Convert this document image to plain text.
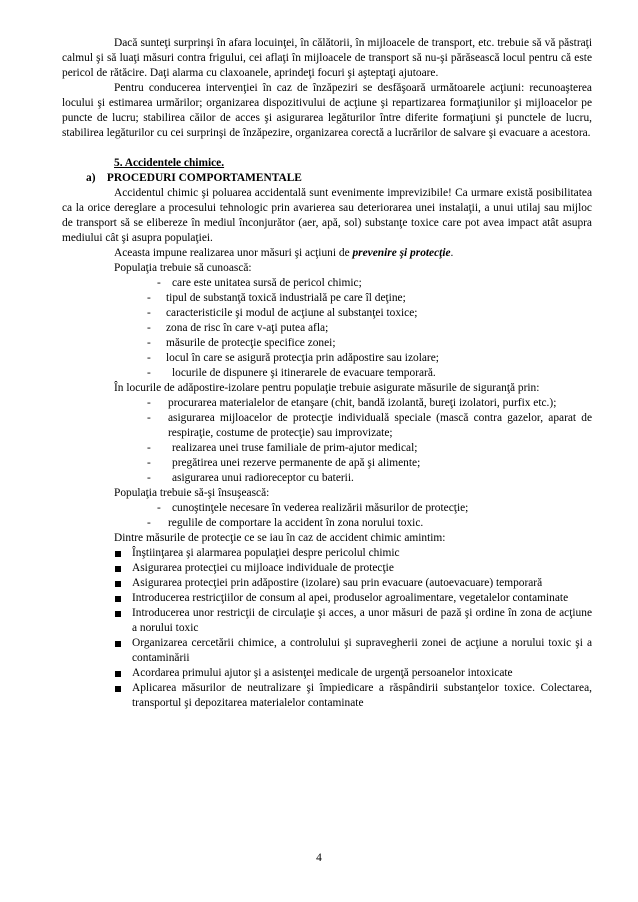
Dacă sunteţi surprinşi în afara locuinţei, în călătorii, în mijloacele de transport, etc. trebuie să vă păstraţi calmul şi să luaţi măsuri contra frigului, cei aflaţi în mijloacele de transport să nu-şi părăsească locul pentru că este pericol de rătăcire. Daţi alarma cu claxoanele, aprindeţi focuri şi aşteptaţi ajutoare.

Pentru conducerea intervenţiei în caz de înzăpeziri se desfăşoară următoarele acţiuni: recunoaşterea locului şi estimarea urmărilor; organizarea dispozitivului de acţiune şi repartizarea formaţiunilor şi mijloacelor pe puncte de lucru; stabilirea căilor de acces şi asigurarea legăturilor între diferite formaţiuni şi punctele de lucru, stabilirea legăturilor cu cei surprinşi de înzăpezire, organizarea corectă a lucrărilor de salvare şi evacuare a acestora.

5. Accidentele chimice.

a) PROCEDURI COMPORTAMENTALE

Accidentul chimic şi poluarea accidentală sunt evenimente imprevizibile! Ca urmare există posibilitatea ca la orice dereglare a procesului tehnologic prin avarierea sau deteriorarea unei instalaţii, a unui utilaj sau mijloc de transport să se elibereze în mediul înconjurător (aer, apă, sol) substanţe toxice care pot avea impact atât asupra mediului cât şi asupra populaţiei.

Aceasta impune realizarea unor măsuri şi acţiuni de prevenire şi protecţie.

Populaţia trebuie să cunoască:

- care este unitatea sursă de pericol chimic;
- tipul de substanţă toxică industrială pe care îl deţine;
- caracteristicile şi modul de acţiune al substanţei toxice;
- zona de risc în care v-aţi putea afla;
- măsurile de protecţie specifice zonei;
- locul în care se asigură protecţia prin adăpostire sau izolare;
- locurile de dispunere şi itinerarele de evacuare temporară.

În locurile de adăpostire-izolare pentru populaţie trebuie asigurate măsurile de siguranţă prin:

- procurarea materialelor de etanşare (chit, bandă izolantă, bureţi izolatori, purfix etc.);
- asigurarea mijloacelor de protecţie individuală speciale (mască contra gazelor, aparat de respiraţie, costume de protecţie) sau improvizate;
- realizarea unei truse familiale de prim-ajutor medical;
- pregătirea unei rezerve permanente de apă şi alimente;
- asigurarea unui radioreceptor cu baterii.

Populaţia trebuie să-şi însuşească:

- cunoştinţele necesare în vederea realizării măsurilor de protecţie;
- regulile de comportare la accident în zona norului toxic.

Dintre măsurile de protecţie ce se iau în caz de accident chimic amintim:

Înştiinţarea şi alarmarea populaţiei despre pericolul chimic
Asigurarea protecţiei cu mijloace individuale de protecţie
Asigurarea protecţiei prin adăpostire (izolare) sau prin evacuare (autoevacuare) temporară
Introducerea restricţiilor de consum al apei, produselor agroalimentare, vegetalelor contaminate
Introducerea unor restricţii de circulaţie şi acces, a unor măsuri de pază şi ordine în zona de acţiune a norului toxic
Organizarea cercetării chimice, a controlului şi supravegherii zonei de acţiune a norului toxic şi a contaminării
Acordarea primului ajutor şi a asistenţei medicale de urgenţă persoanelor intoxicate
Aplicarea măsurilor de neutralizare şi împiedicare a răspândirii substanţelor toxice. Colectarea, transportul şi depozitarea materialelor contaminate
4
